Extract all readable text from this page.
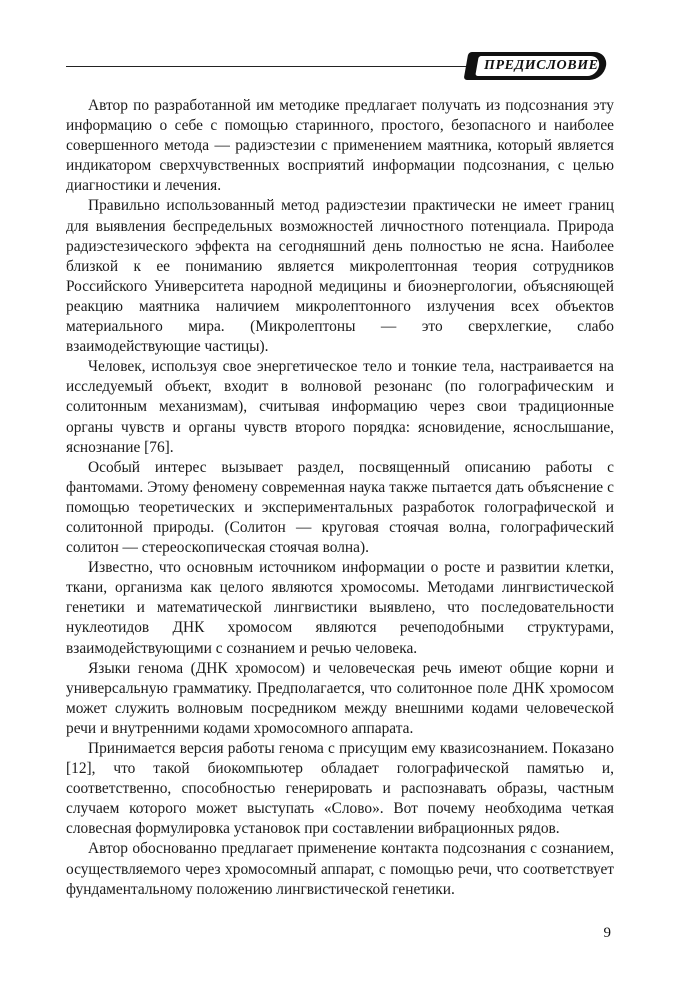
ПРЕДИСЛОВИЕ

Автор по разработанной им методике предлагает получать из подсознания эту информацию о себе с помощью старинного, простого, безопасного и наиболее совершенного метода — радиэстезии с применением маятника, который является индикатором сверхчувственных восприятий информации подсознания, с целью диагностики и лечения.

Правильно использованный метод радиэстезии практически не имеет границ для выявления беспредельных возможностей личностного потенциала. Природа радиэстезического эффекта на сегодняшний день полностью не ясна. Наиболее близкой к ее пониманию является микролептонная теория сотрудников Российского Университета народной медицины и биоэнергологии, объясняющей реакцию маятника наличием микролептонного излучения всех объектов материального мира. (Микролептоны — это сверхлегкие, слабо взаимодействующие частицы).

Человек, используя свое энергетическое тело и тонкие тела, настраивается на исследуемый объект, входит в волновой резонанс (по голографическим и солитонным механизмам), считывая информацию через свои традиционные органы чувств и органы чувств второго порядка: ясновидение, яснослышание, яснознание [76].

Особый интерес вызывает раздел, посвященный описанию работы с фантомами. Этому феномену современная наука также пытается дать объяснение с помощью теоретических и экспериментальных разработок голографической и солитонной природы. (Солитон — круговая стоячая волна, голографический солитон — стереоскопическая стоячая волна).

Известно, что основным источником информации о росте и развитии клетки, ткани, организма как целого являются хромосомы. Методами лингвистической генетики и математической лингвистики выявлено, что последовательности нуклеотидов ДНК хромосом являются речеподобными структурами, взаимодействующими с сознанием и речью человека.

Языки генома (ДНК хромосом) и человеческая речь имеют общие корни и универсальную грамматику. Предполагается, что солитонное поле ДНК хромосом может служить волновым посредником между внешними кодами человеческой речи и внутренними кодами хромосомного аппарата.

Принимается версия работы генома с присущим ему квазисознанием. Показано [12], что такой биокомпьютер обладает голографической памятью и, соответственно, способностью генерировать и распознавать образы, частным случаем которого может выступать «Слово». Вот почему необходима четкая словесная формулировка установок при составлении вибрационных рядов.

Автор обоснованно предлагает применение контакта подсознания с сознанием, осуществляемого через хромосомный аппарат, с помощью речи, что соответствует фундаментальному положению лингвистической генетики.

9
